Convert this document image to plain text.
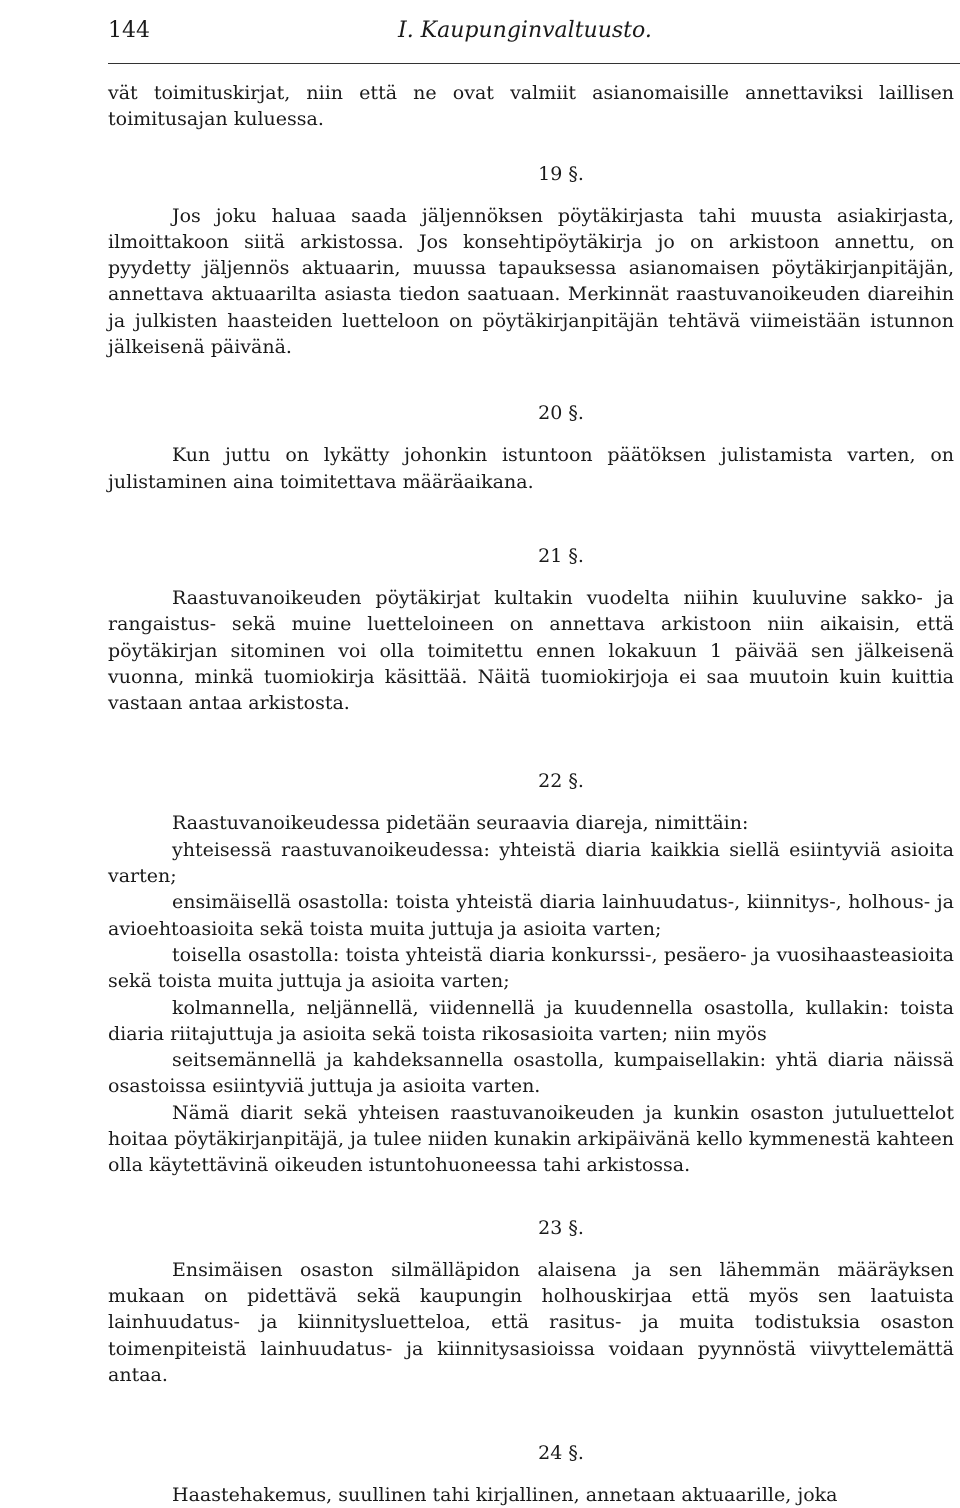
144	I. Kaupunginvaltuusto.

vät toimituskirjat, niin että ne ovat valmiit asianomaisille annettaviksi laillisen toimitusajan kuluessa.

19 §.

Jos joku haluaa saada jäljennöksen pöytäkirjasta tahi muusta asiakirjasta, ilmoittakoon siitä arkistossa. Jos konsehtipöytäkirja jo on arkistoon annettu, on pyydetty jäljennös aktuaarin, muussa tapauksessa asianomaisen pöytäkirjanpitäjän, annettava aktuaarilta asiasta tiedon saatuaan. Merkinnät raastuvanoikeuden diareihin ja julkisten haasteiden luetteloon on pöytäkirjanpitäjän tehtävä viimeistään istunnon jälkeisenä päivänä.

20 §.

Kun juttu on lykätty johonkin istuntoon päätöksen julistamista varten, on julistaminen aina toimitettava määräaikana.

21 §.

Raastuvanoikeuden pöytäkirjat kultakin vuodelta niihin kuuluvine sakko- ja rangaistus- sekä muine luetteloineen on annettava arkistoon niin aikaisin, että pöytäkirjan sitominen voi olla toimitettu ennen lokakuun 1 päivää sen jälkeisenä vuonna, minkä tuomiokirja käsittää. Näitä tuomiokirjoja ei saa muutoin kuin kuittia vastaan antaa arkistosta.

22 §.

Raastuvanoikeudessa pidetään seuraavia diareja, nimittäin:

yhteisessä raastuvanoikeudessa: yhteistä diaria kaikkia siellä esiintyviä asioita varten;

ensimäisellä osastolla: toista yhteistä diaria lainhuudatus-, kiinnitys-, holhous- ja avioehtoasioita sekä toista muita juttuja ja asioita varten;

toisella osastolla: toista yhteistä diaria konkurssi-, pesäero- ja vuosihaasteasioita sekä toista muita juttuja ja asioita varten;

kolmannella, neljännellä, viidennellä ja kuudennella osastolla, kullakin: toista diaria riitajuttuja ja asioita sekä toista rikosasioita varten; niin myös

seitsemännellä ja kahdeksannella osastolla, kumpaisellakin: yhtä diaria näissä osastoissa esiintyviä juttuja ja asioita varten.

Nämä diarit sekä yhteisen raastuvanoikeuden ja kunkin osaston jutuluettelot hoitaa pöytäkirjanpitäjä, ja tulee niiden kunakin arkipäivänä kello kymmenestä kahteen olla käytettävinä oikeuden istuntohuoneessa tahi arkistossa.

23 §.

Ensimäisen osaston silmälläpidon alaisena ja sen lähemmän määräyksen mukaan on pidettävä sekä kaupungin holhouskirjaa että myös sen laatuista lainhuudatus- ja kiinnitysluetteloa, että rasitus- ja muita todistuksia osaston toimenpiteistä lainhuudatus- ja kiinnitysasioissa voidaan pyynnöstä viivyttelemättä antaa.

24 §.

Haastehakemus, suullinen tahi kirjallinen, annetaan aktuaarille, joka
